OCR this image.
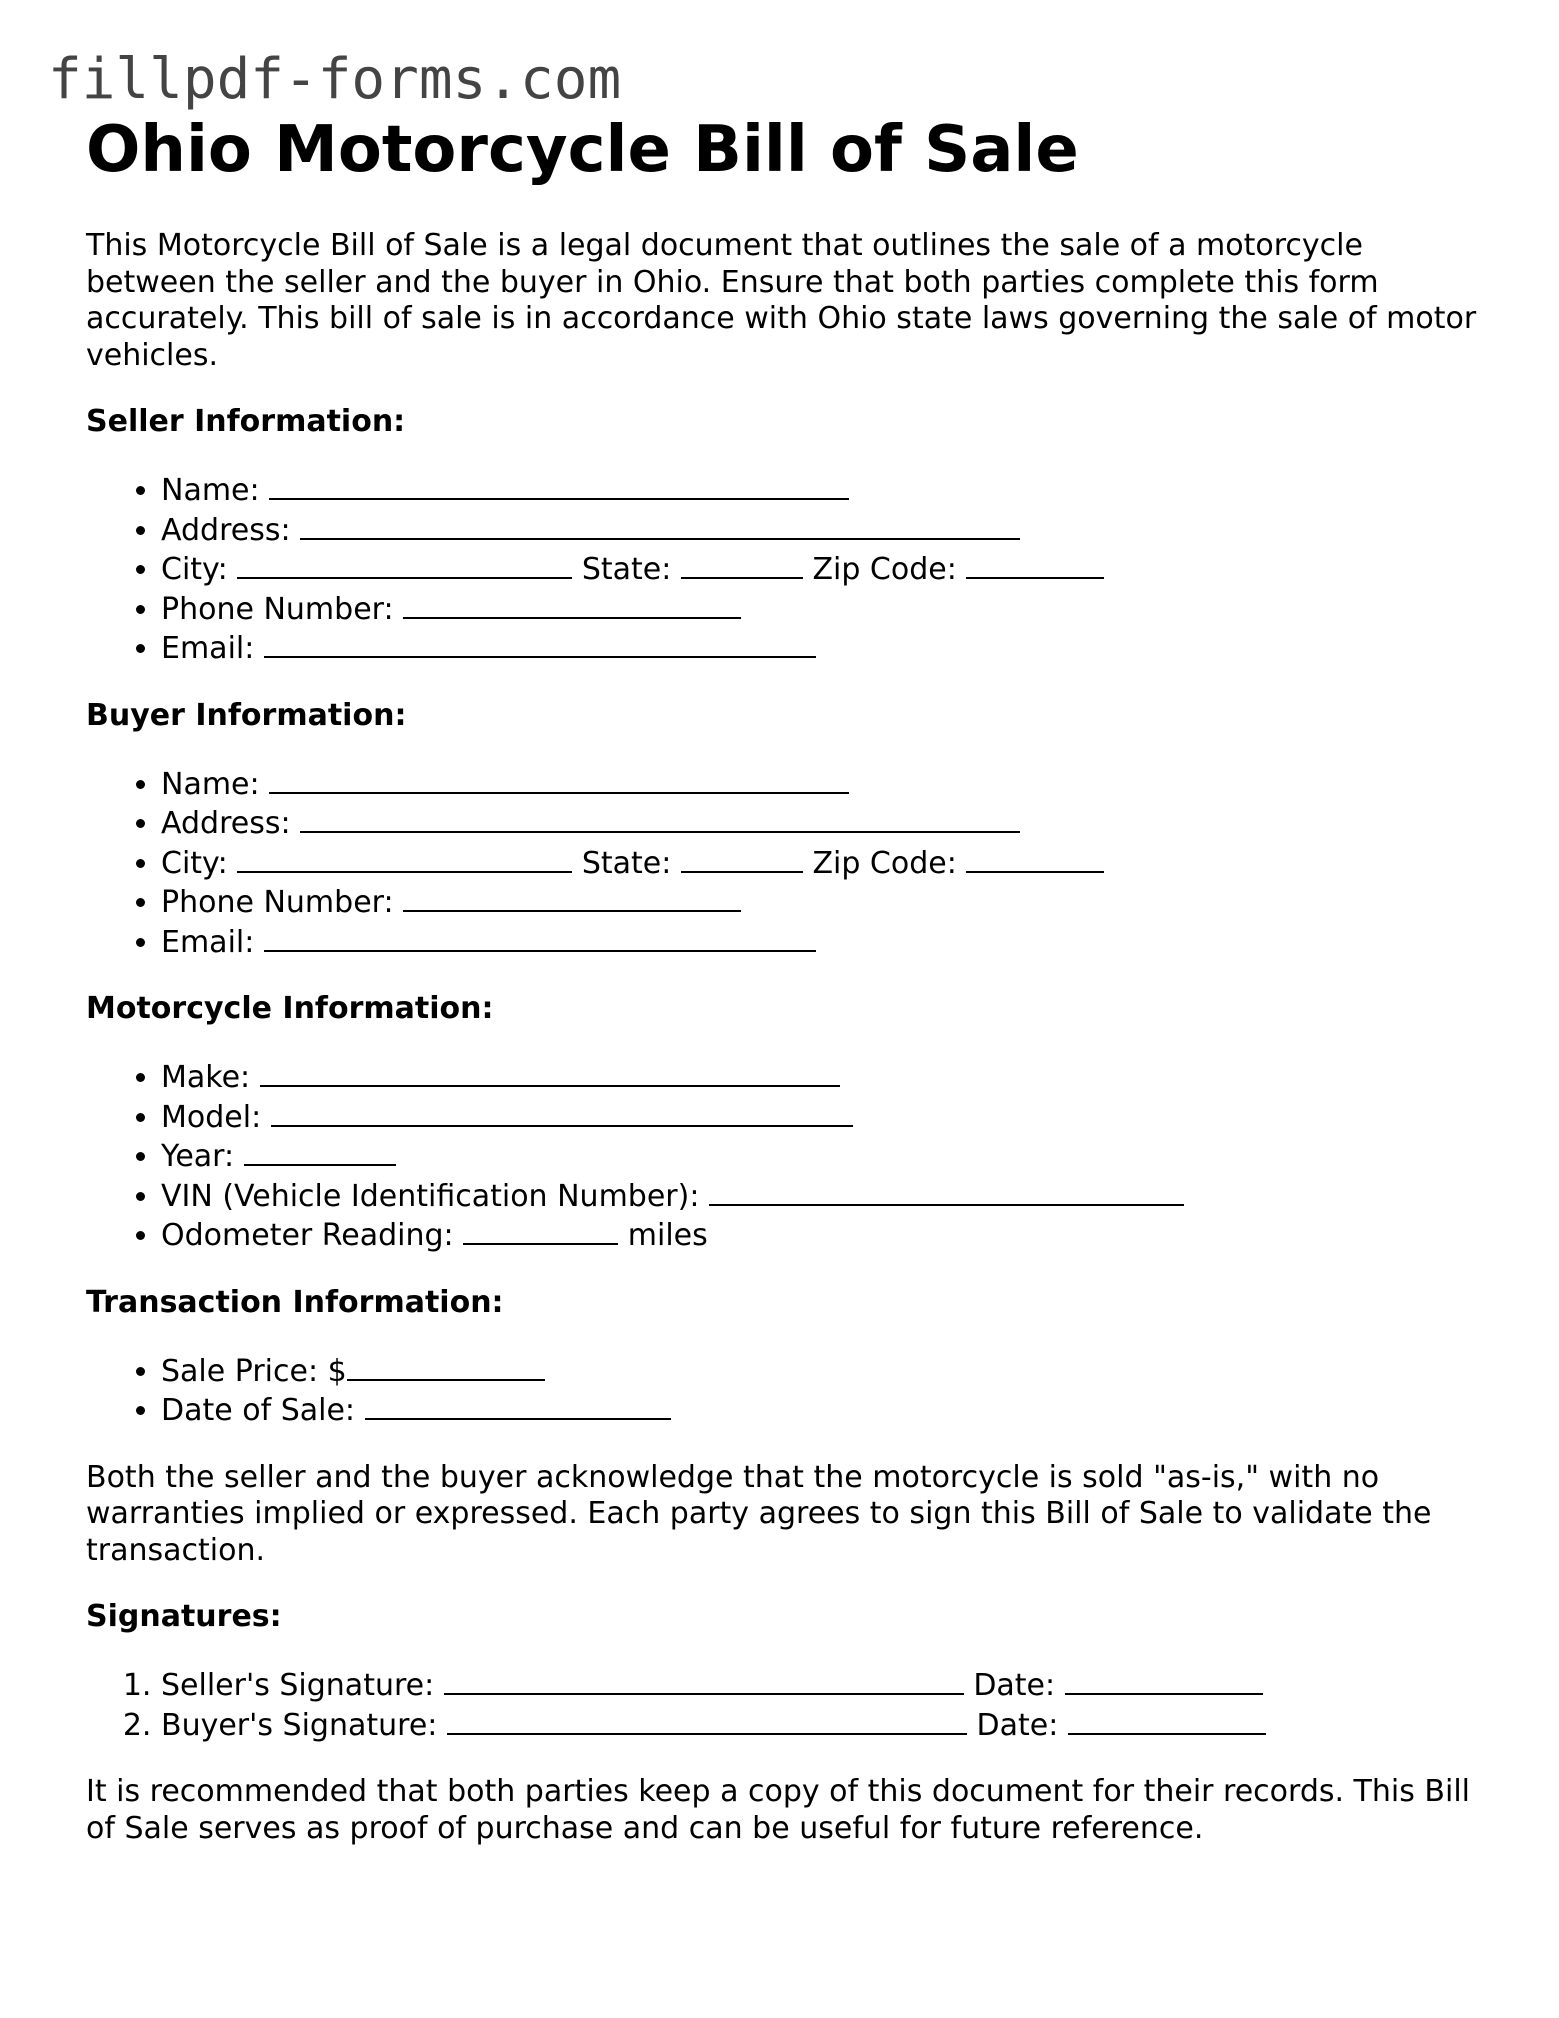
fillpdf-forms.com
Ohio Motorcycle Bill of Sale

This Motorcycle Bill of Sale is a legal document that outlines the sale of a motorcycle between the seller and the buyer in Ohio. Ensure that both parties complete this form accurately. This bill of sale is in accordance with Ohio state laws governing the sale of motor vehicles.

Seller Information:
• Name:
• Address:
• City:	State:	Zip Code:
• Phone Number:
• Email:
Buyer Information:
• Name:
• Address:
• City:	State:	Zip Code:
• Phone Number:
• Email:
Motorcycle Information:
• Make:
• Model:
• Year:
• VIN (Vehicle Identification Number):
• Odometer Reading:	miles
Transaction Information:
• Sale Price: $
• Date of Sale:

Both the seller and the buyer acknowledge that the motorcycle is sold "as-is," with no warranties implied or expressed. Each party agrees to sign this Bill of Sale to validate the transaction.

Signatures:
1. Seller's Signature:	Date:
2. Buyer's Signature:	Date:

It is recommended that both parties keep a copy of this document for their records. This Bill of Sale serves as proof of purchase and can be useful for future reference.
